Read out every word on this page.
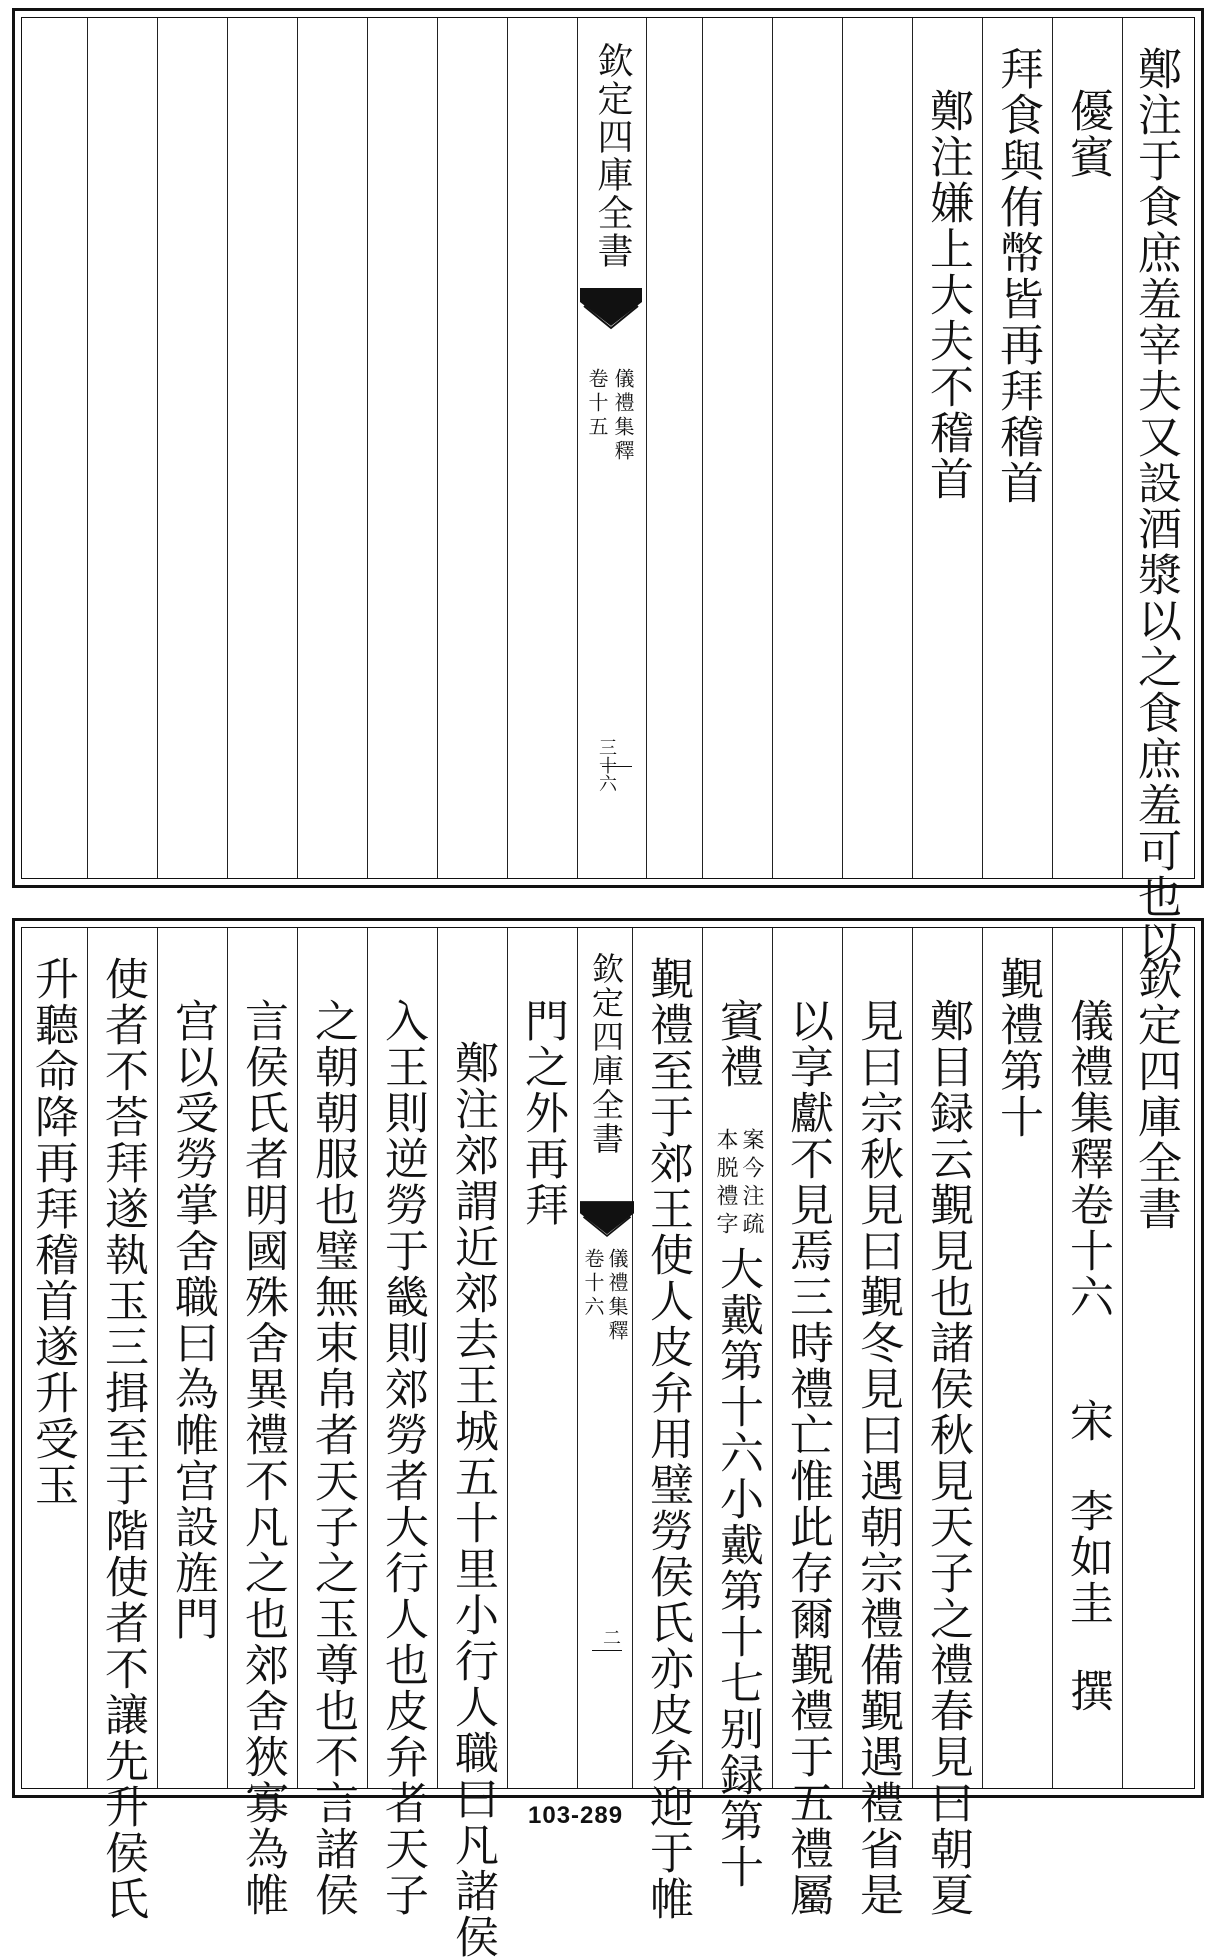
鄭注于食庶羞宰夫又設酒漿以之食庶羞可也以
優賓
拜食與侑幣皆再拜稽首
鄭注嫌上大夫不稽首
欽定四庫全書
儀禮集釋
卷十五
三十六
欽定四庫全書
儀禮集釋卷十六
宋
李如圭
撰
覲禮第十
鄭目録云覲見也諸侯秋見天子之禮春見曰朝夏
見曰宗秋見曰覲冬見曰遇朝宗禮備覲遇禮省是
以享獻不見焉三時禮亡惟此存爾覲禮于五禮屬
賓禮
案今注疏
本脱禮字
大戴第十六小戴第十七别録第十
覲禮至于郊王使人皮弁用璧勞侯氏亦皮弁迎于帷
欽定四庫全書
儀禮集釋
卷十六
二
門之外再拜
鄭注郊謂近郊去王城五十里小行人職曰凡諸侯
入王則逆勞于畿則郊勞者大行人也皮弁者天子
之朝朝服也璧無束帛者天子之玉尊也不言諸侯
言侯氏者明國殊舍異禮不凡之也郊舍狹寡為帷
宫以受勞掌舍職曰為帷宫設旌門
使者不荅拜遂執玉三揖至于階使者不讓先升侯氏
升聽命降再拜稽首遂升受玉
103-289
